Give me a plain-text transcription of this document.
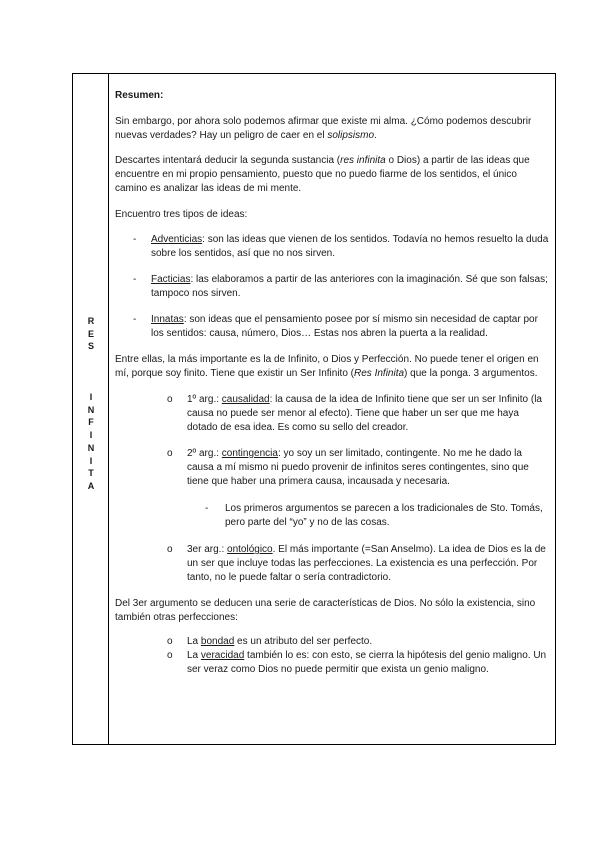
R
E
S
I
N
F
I
N
I
T
A

Resumen:

Sin embargo, por ahora solo podemos afirmar que existe mi alma. ¿Cómo podemos descubrir nuevas verdades? Hay un peligro de caer en el solipsismo.

Descartes intentará deducir la segunda sustancia (res infinita o Dios) a partir de las ideas que encuentre en mi propio pensamiento, puesto que no puedo fiarme de los sentidos, el único camino es analizar las ideas de mi mente.

Encuentro tres tipos de ideas:

- Adventicias: son las ideas que vienen de los sentidos. Todavía no hemos resuelto la duda sobre los sentidos, así que no nos sirven.
- Facticias: las elaboramos a partir de las anteriores con la imaginación. Sé que son falsas; tampoco nos sirven.
- Innatas: son ideas que el pensamiento posee por sí mismo sin necesidad de captar por los sentidos: causa, número, Dios… Estas nos abren la puerta a la realidad.

Entre ellas, la más importante es la de Infinito, o Dios y Perfección. No puede tener el origen en mí, porque soy finito. Tiene que existir un Ser Infinito (Res Infinita) que la ponga. 3 argumentos.

o 1º arg.: causalidad: la causa de la idea de Infinito tiene que ser un ser Infinito (la causa no puede ser menor al efecto). Tiene que haber un ser que me haya dotado de esa idea. Es como su sello del creador.
o 2º arg.: contingencia: yo soy un ser limitado, contingente. No me he dado la causa a mí mismo ni puedo provenir de infinitos seres contingentes, sino que tiene que haber una primera causa, incausada y necesaria.
- Los primeros argumentos se parecen a los tradicionales de Sto. Tomás, pero parte del “yo” y no de las cosas.
o 3er arg.: ontológico. El más importante (=San Anselmo). La idea de Dios es la de un ser que incluye todas las perfecciones. La existencia es una perfección. Por tanto, no le puede faltar o sería contradictorio.

Del 3er argumento se deducen una serie de características de Dios. No sólo la existencia, sino también otras perfecciones:

o La bondad es un atributo del ser perfecto.
o La veracidad también lo es: con esto, se cierra la hipótesis del genio maligno. Un ser veraz como Dios no puede permitir que exista un genio maligno.
